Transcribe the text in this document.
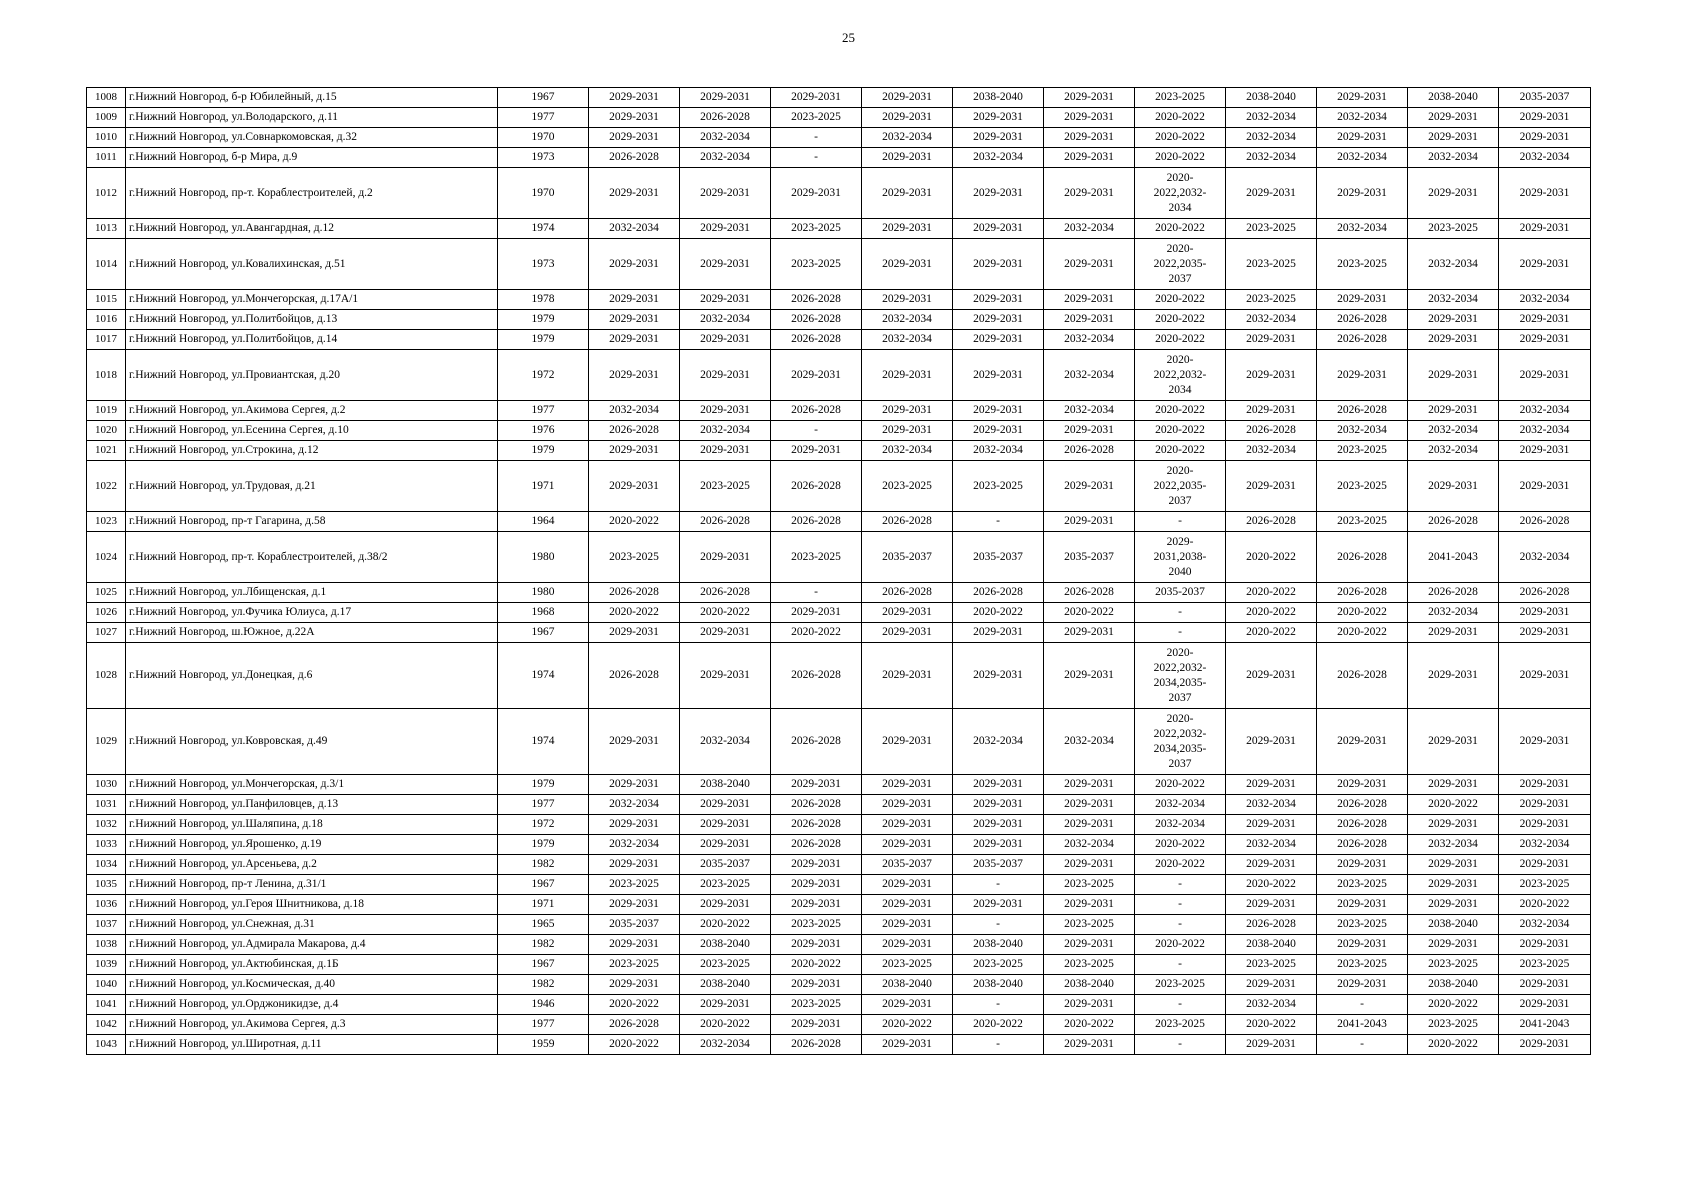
25
1008	г.Нижний Новгород, б-р Юбилейный, д.15	1967	2029-2031	2029-2031	2029-2031	2029-2031	2038-2040	2029-2031	2023-2025	2038-2040	2029-2031	2038-2040	2035-2037
1009	г.Нижний Новгород, ул.Володарского, д.11	1977	2029-2031	2026-2028	2023-2025	2029-2031	2029-2031	2029-2031	2020-2022	2032-2034	2032-2034	2029-2031	2029-2031
1010	г.Нижний Новгород, ул.Совнаркомовская, д.32	1970	2029-2031	2032-2034	-	2032-2034	2029-2031	2029-2031	2020-2022	2032-2034	2029-2031	2029-2031	2029-2031
1011	г.Нижний Новгород, б-р Мира, д.9	1973	2026-2028	2032-2034	-	2029-2031	2032-2034	2029-2031	2020-2022	2032-2034	2032-2034	2032-2034	2032-2034
1012	г.Нижний Новгород, пр-т. Кораблестроителей, д.2	1970	2029-2031	2029-2031	2029-2031	2029-2031	2029-2031	2029-2031	2020-
2022,2032-
2034	2029-2031	2029-2031	2029-2031	2029-2031
1013	г.Нижний Новгород, ул.Авангардная, д.12	1974	2032-2034	2029-2031	2023-2025	2029-2031	2029-2031	2032-2034	2020-2022	2023-2025	2032-2034	2023-2025	2029-2031
1014	г.Нижний Новгород, ул.Ковалихинская, д.51	1973	2029-2031	2029-2031	2023-2025	2029-2031	2029-2031	2029-2031	2020-
2022,2035-
2037	2023-2025	2023-2025	2032-2034	2029-2031
1015	г.Нижний Новгород, ул.Мончегорская, д.17А/1	1978	2029-2031	2029-2031	2026-2028	2029-2031	2029-2031	2029-2031	2020-2022	2023-2025	2029-2031	2032-2034	2032-2034
1016	г.Нижний Новгород, ул.Политбойцов, д.13	1979	2029-2031	2032-2034	2026-2028	2032-2034	2029-2031	2029-2031	2020-2022	2032-2034	2026-2028	2029-2031	2029-2031
1017	г.Нижний Новгород, ул.Политбойцов, д.14	1979	2029-2031	2029-2031	2026-2028	2032-2034	2029-2031	2032-2034	2020-2022	2029-2031	2026-2028	2029-2031	2029-2031
1018	г.Нижний Новгород, ул.Провиантская, д.20	1972	2029-2031	2029-2031	2029-2031	2029-2031	2029-2031	2032-2034	2020-
2022,2032-
2034	2029-2031	2029-2031	2029-2031	2029-2031
1019	г.Нижний Новгород, ул.Акимова Сергея, д.2	1977	2032-2034	2029-2031	2026-2028	2029-2031	2029-2031	2032-2034	2020-2022	2029-2031	2026-2028	2029-2031	2032-2034
1020	г.Нижний Новгород, ул.Есенина Сергея, д.10	1976	2026-2028	2032-2034	-	2029-2031	2029-2031	2029-2031	2020-2022	2026-2028	2032-2034	2032-2034	2032-2034
1021	г.Нижний Новгород, ул.Строкина, д.12	1979	2029-2031	2029-2031	2029-2031	2032-2034	2032-2034	2026-2028	2020-2022	2032-2034	2023-2025	2032-2034	2029-2031
1022	г.Нижний Новгород, ул.Трудовая, д.21	1971	2029-2031	2023-2025	2026-2028	2023-2025	2023-2025	2029-2031	2020-
2022,2035-
2037	2029-2031	2023-2025	2029-2031	2029-2031
1023	г.Нижний Новгород, пр-т Гагарина, д.58	1964	2020-2022	2026-2028	2026-2028	2026-2028	-	2029-2031	-	2026-2028	2023-2025	2026-2028	2026-2028
1024	г.Нижний Новгород, пр-т. Кораблестроителей, д.38/2	1980	2023-2025	2029-2031	2023-2025	2035-2037	2035-2037	2035-2037	2029-
2031,2038-
2040	2020-2022	2026-2028	2041-2043	2032-2034
1025	г.Нижний Новгород, ул.Лбищенская, д.1	1980	2026-2028	2026-2028	-	2026-2028	2026-2028	2026-2028	2035-2037	2020-2022	2026-2028	2026-2028	2026-2028
1026	г.Нижний Новгород, ул.Фучика Юлиуса, д.17	1968	2020-2022	2020-2022	2029-2031	2029-2031	2020-2022	2020-2022	-	2020-2022	2020-2022	2032-2034	2029-2031
1027	г.Нижний Новгород, ш.Южное, д.22А	1967	2029-2031	2029-2031	2020-2022	2029-2031	2029-2031	2029-2031	-	2020-2022	2020-2022	2029-2031	2029-2031
1028	г.Нижний Новгород, ул.Донецкая, д.6	1974	2026-2028	2029-2031	2026-2028	2029-2031	2029-2031	2029-2031	2020-
2022,2032-
2034,2035-
2037	2029-2031	2026-2028	2029-2031	2029-2031
1029	г.Нижний Новгород, ул.Ковровская, д.49	1974	2029-2031	2032-2034	2026-2028	2029-2031	2032-2034	2032-2034	2020-
2022,2032-
2034,2035-
2037	2029-2031	2029-2031	2029-2031	2029-2031
1030	г.Нижний Новгород, ул.Мончегорская, д.3/1	1979	2029-2031	2038-2040	2029-2031	2029-2031	2029-2031	2029-2031	2020-2022	2029-2031	2029-2031	2029-2031	2029-2031
1031	г.Нижний Новгород, ул.Панфиловцев, д.13	1977	2032-2034	2029-2031	2026-2028	2029-2031	2029-2031	2029-2031	2032-2034	2032-2034	2026-2028	2020-2022	2029-2031
1032	г.Нижний Новгород, ул.Шаляпина, д.18	1972	2029-2031	2029-2031	2026-2028	2029-2031	2029-2031	2029-2031	2032-2034	2029-2031	2026-2028	2029-2031	2029-2031
1033	г.Нижний Новгород, ул.Ярошенко, д.19	1979	2032-2034	2029-2031	2026-2028	2029-2031	2029-2031	2032-2034	2020-2022	2032-2034	2026-2028	2032-2034	2032-2034
1034	г.Нижний Новгород, ул.Арсеньева, д.2	1982	2029-2031	2035-2037	2029-2031	2035-2037	2035-2037	2029-2031	2020-2022	2029-2031	2029-2031	2029-2031	2029-2031
1035	г.Нижний Новгород, пр-т Ленина, д.31/1	1967	2023-2025	2023-2025	2029-2031	2029-2031	-	2023-2025	-	2020-2022	2023-2025	2029-2031	2023-2025
1036	г.Нижний Новгород, ул.Героя Шнитникова, д.18	1971	2029-2031	2029-2031	2029-2031	2029-2031	2029-2031	2029-2031	-	2029-2031	2029-2031	2029-2031	2020-2022
1037	г.Нижний Новгород, ул.Снежная, д.31	1965	2035-2037	2020-2022	2023-2025	2029-2031	-	2023-2025	-	2026-2028	2023-2025	2038-2040	2032-2034
1038	г.Нижний Новгород, ул.Адмирала Макарова, д.4	1982	2029-2031	2038-2040	2029-2031	2029-2031	2038-2040	2029-2031	2020-2022	2038-2040	2029-2031	2029-2031	2029-2031
1039	г.Нижний Новгород, ул.Актюбинская, д.1Б	1967	2023-2025	2023-2025	2020-2022	2023-2025	2023-2025	2023-2025	-	2023-2025	2023-2025	2023-2025	2023-2025
1040	г.Нижний Новгород, ул.Космическая, д.40	1982	2029-2031	2038-2040	2029-2031	2038-2040	2038-2040	2038-2040	2023-2025	2029-2031	2029-2031	2038-2040	2029-2031
1041	г.Нижний Новгород, ул.Орджоникидзе, д.4	1946	2020-2022	2029-2031	2023-2025	2029-2031	-	2029-2031	-	2032-2034	-	2020-2022	2029-2031
1042	г.Нижний Новгород, ул.Акимова Сергея, д.3	1977	2026-2028	2020-2022	2029-2031	2020-2022	2020-2022	2020-2022	2023-2025	2020-2022	2041-2043	2023-2025	2041-2043
1043	г.Нижний Новгород, ул.Широтная, д.11	1959	2020-2022	2032-2034	2026-2028	2029-2031	-	2029-2031	-	2029-2031	-	2020-2022	2029-2031
